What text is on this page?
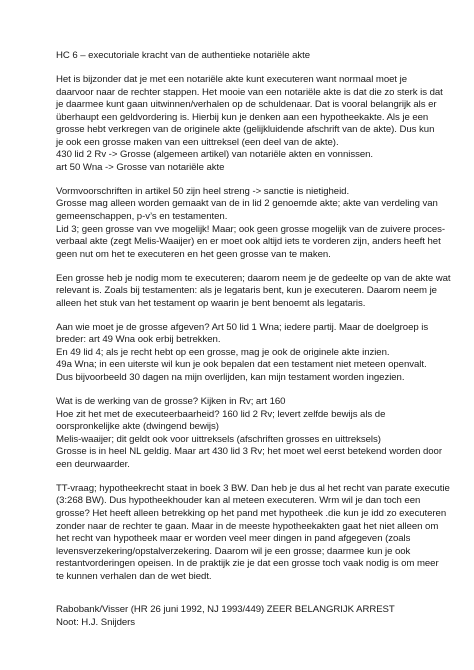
HC 6 – executoriale kracht van de authentieke notariële akte
Het is bijzonder dat je met een notariële akte kunt executeren want normaal moet je
daarvoor naar de rechter stappen. Het mooie van een notariële akte is dat die zo sterk is dat
je daarmee kunt gaan uitwinnen/verhalen op de schuldenaar. Dat is vooral belangrijk als er
überhaupt een geldvordering is. Hierbij kun je denken aan een hypotheekakte. Als je een
grosse hebt verkregen van de originele akte (gelijkluidende afschrift van de akte). Dus kun
je ook een grosse maken van een uittreksel (een deel van de akte).
430 lid 2 Rv -> Grosse (algemeen artikel) van notariële akten en vonnissen.
art 50 Wna -> Grosse van notariële akte
Vormvoorschriften in artikel 50 zijn heel streng -> sanctie is nietigheid.
Grosse mag alleen worden gemaakt van de in lid 2 genoemde akte; akte van verdeling van
gemeenschappen, p-v’s en testamenten.
Lid 3; geen grosse van vve mogelijk! Maar; ook geen grosse mogelijk van de zuivere proces-
verbaal akte (zegt Melis-Waaijer) en er moet ook altijd iets te vorderen zijn, anders heeft het
geen nut om het te executeren en het geen grosse van te maken.
Een grosse heb je nodig mom te executeren; daarom neem je de gedeelte op van de akte wat
relevant is. Zoals bij testamenten: als je legataris bent, kun je executeren. Daarom neem je
alleen het stuk van het testament op waarin je bent benoemt als legataris.
Aan wie moet je de grosse afgeven? Art 50 lid 1 Wna; iedere partij. Maar de doelgroep is
breder: art 49 Wna ook erbij betrekken.
En 49 lid 4; als je recht hebt op een grosse, mag je ook de originele akte inzien.
49a Wna; in een uiterste wil kun je ook bepalen dat een testament niet meteen openvalt.
Dus bijvoorbeeld 30 dagen na mijn overlijden, kan mijn testament worden ingezien.
Wat is de werking van de grosse? Kijken in Rv; art 160
Hoe zit het met de executeerbaarheid? 160 lid 2 Rv; levert zelfde bewijs als de
oorspronkelijke akte (dwingend bewijs)
Melis-waaijer; dit geldt ook voor uittreksels (afschriften grosses en uittreksels)
Grosse is in heel NL geldig. Maar art 430 lid 3 Rv; het moet wel eerst betekend worden door
een deurwaarder.
TT-vraag; hypotheekrecht staat in boek 3 BW. Dan heb je dus al het recht van parate executie
(3:268 BW). Dus hypotheekhouder kan al meteen executeren. Wrm wil je dan toch een
grosse? Het heeft alleen betrekking op het pand met hypotheek .die kun je idd zo executeren
zonder naar de rechter te gaan. Maar in de meeste hypotheekakten gaat het niet alleen om
het recht van hypotheek maar er worden veel meer dingen in pand afgegeven (zoals
levensverzekering/opstalverzekering. Daarom wil je een grosse; daarmee kun je ook
restantvorderingen opeisen. In de praktijk zie je dat een grosse toch vaak nodig is om meer
te kunnen verhalen dan de wet biedt.
Rabobank/Visser (HR 26 juni 1992, NJ 1993/449) ZEER BELANGRIJK ARREST
Noot: H.J. Snijders
